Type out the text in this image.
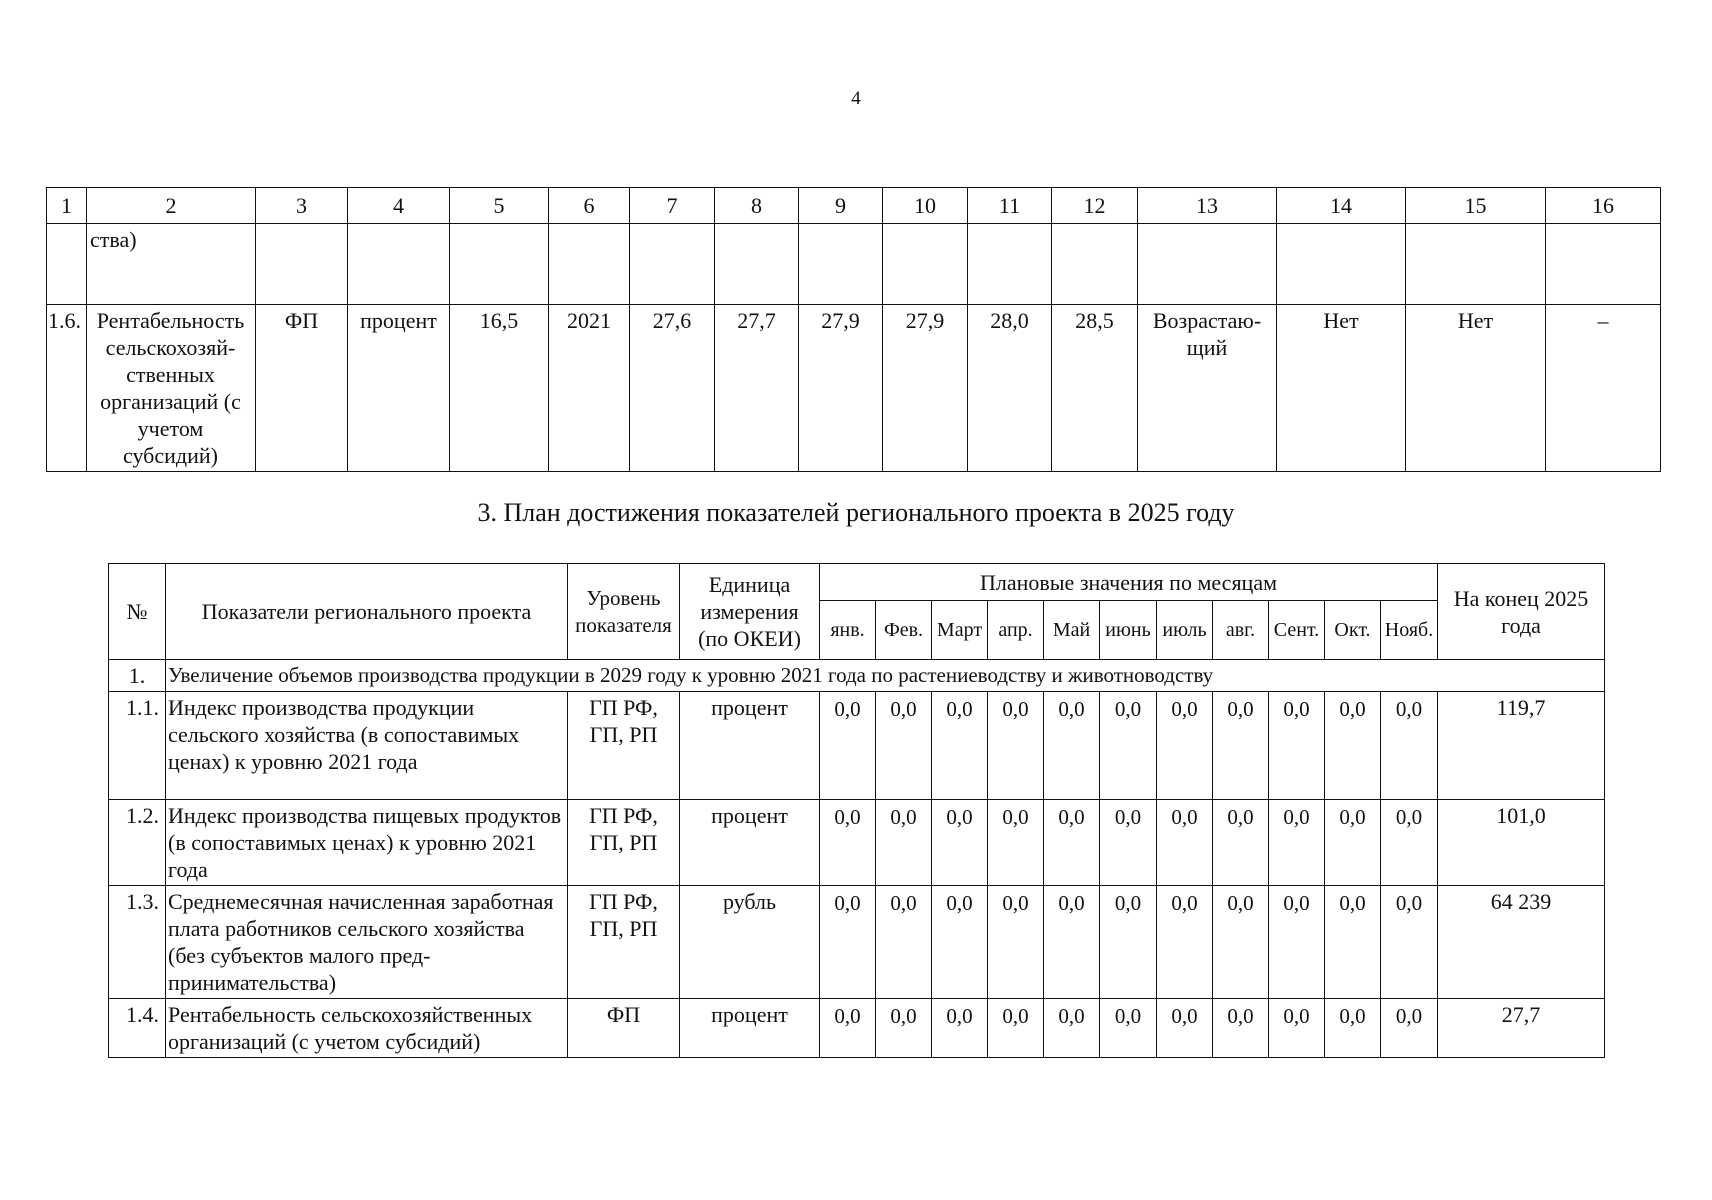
4
1	2	3	4	5	6	7	8	9	10	11	12	13	14	15	16
	ства)														
1.6.	Рентабельность сельскохозяй-ственных организаций (с учетом субсидий)	ФП	процент	16,5	2021	27,6	27,7	27,9	27,9	28,0	28,5	Возрастаю-щий	Нет	Нет	–
3. План достижения показателей регионального проекта в 2025 году
№	Показатели регионального проекта	Уровень показателя	Единица измерения (по ОКЕИ)	Плановые значения по месяцам											На конец 2025 года
				янв.	Фев.	Март	апр.	Май	июнь	июль	авг.	Сент.	Окт.	Нояб.	
1.	Увеличение объемов производства продукции в 2029 году к уровню 2021 года по растениеводству и животноводству														
1.1.	Индекс производства продукции сельского хозяйства (в сопоставимых ценах) к уровню 2021 года	ГП РФ, ГП, РП	процент	0,0	0,0	0,0	0,0	0,0	0,0	0,0	0,0	0,0	0,0	0,0	119,7
1.2.	Индекс производства пищевых продуктов (в сопоставимых ценах) к уровню 2021 года	ГП РФ, ГП, РП	процент	0,0	0,0	0,0	0,0	0,0	0,0	0,0	0,0	0,0	0,0	0,0	101,0
1.3.	Среднемесячная начисленная заработная плата работников сельского хозяйства (без субъектов малого пред-принимательства)	ГП РФ, ГП, РП	рубль	0,0	0,0	0,0	0,0	0,0	0,0	0,0	0,0	0,0	0,0	0,0	64 239
1.4.	Рентабельность сельскохозяйственных организаций (с учетом субсидий)	ФП	процент	0,0	0,0	0,0	0,0	0,0	0,0	0,0	0,0	0,0	0,0	0,0	27,7
